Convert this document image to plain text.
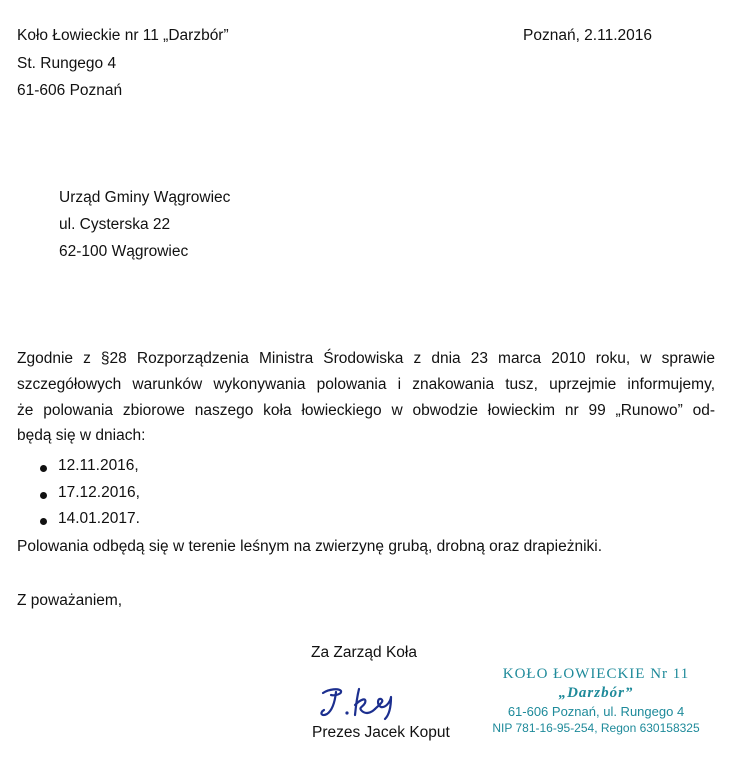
Koło Łowieckie nr 11 „Darzbór”
St. Rungego 4
61-606 Poznań
Poznań, 2.11.2016
Urząd Gminy Wągrowiec
ul. Cysterska 22
62-100 Wągrowiec
Zgodnie z §28 Rozporządzenia Ministra Środowiska z dnia 23 marca 2010 roku, w sprawie
szczegółowych warunków wykonywania polowania i znakowania tusz, uprzejmie informujemy,
że polowania zbiorowe naszego koła łowieckiego w obwodzie łowieckim nr 99 „Runowo” od-
będą się w dniach:
12.11.2016,
17.12.2016,
14.01.2017.
Polowania odbędą się w terenie leśnym na zwierzynę grubą, drobną oraz drapieżniki.
Z poważaniem,
Za Zarząd Koła
Prezes Jacek Koput
KOŁO ŁOWIECKIE Nr 11
„Darzbór”
61-606 Poznań, ul. Rungego 4
NIP 781-16-95-254, Regon 630158325
